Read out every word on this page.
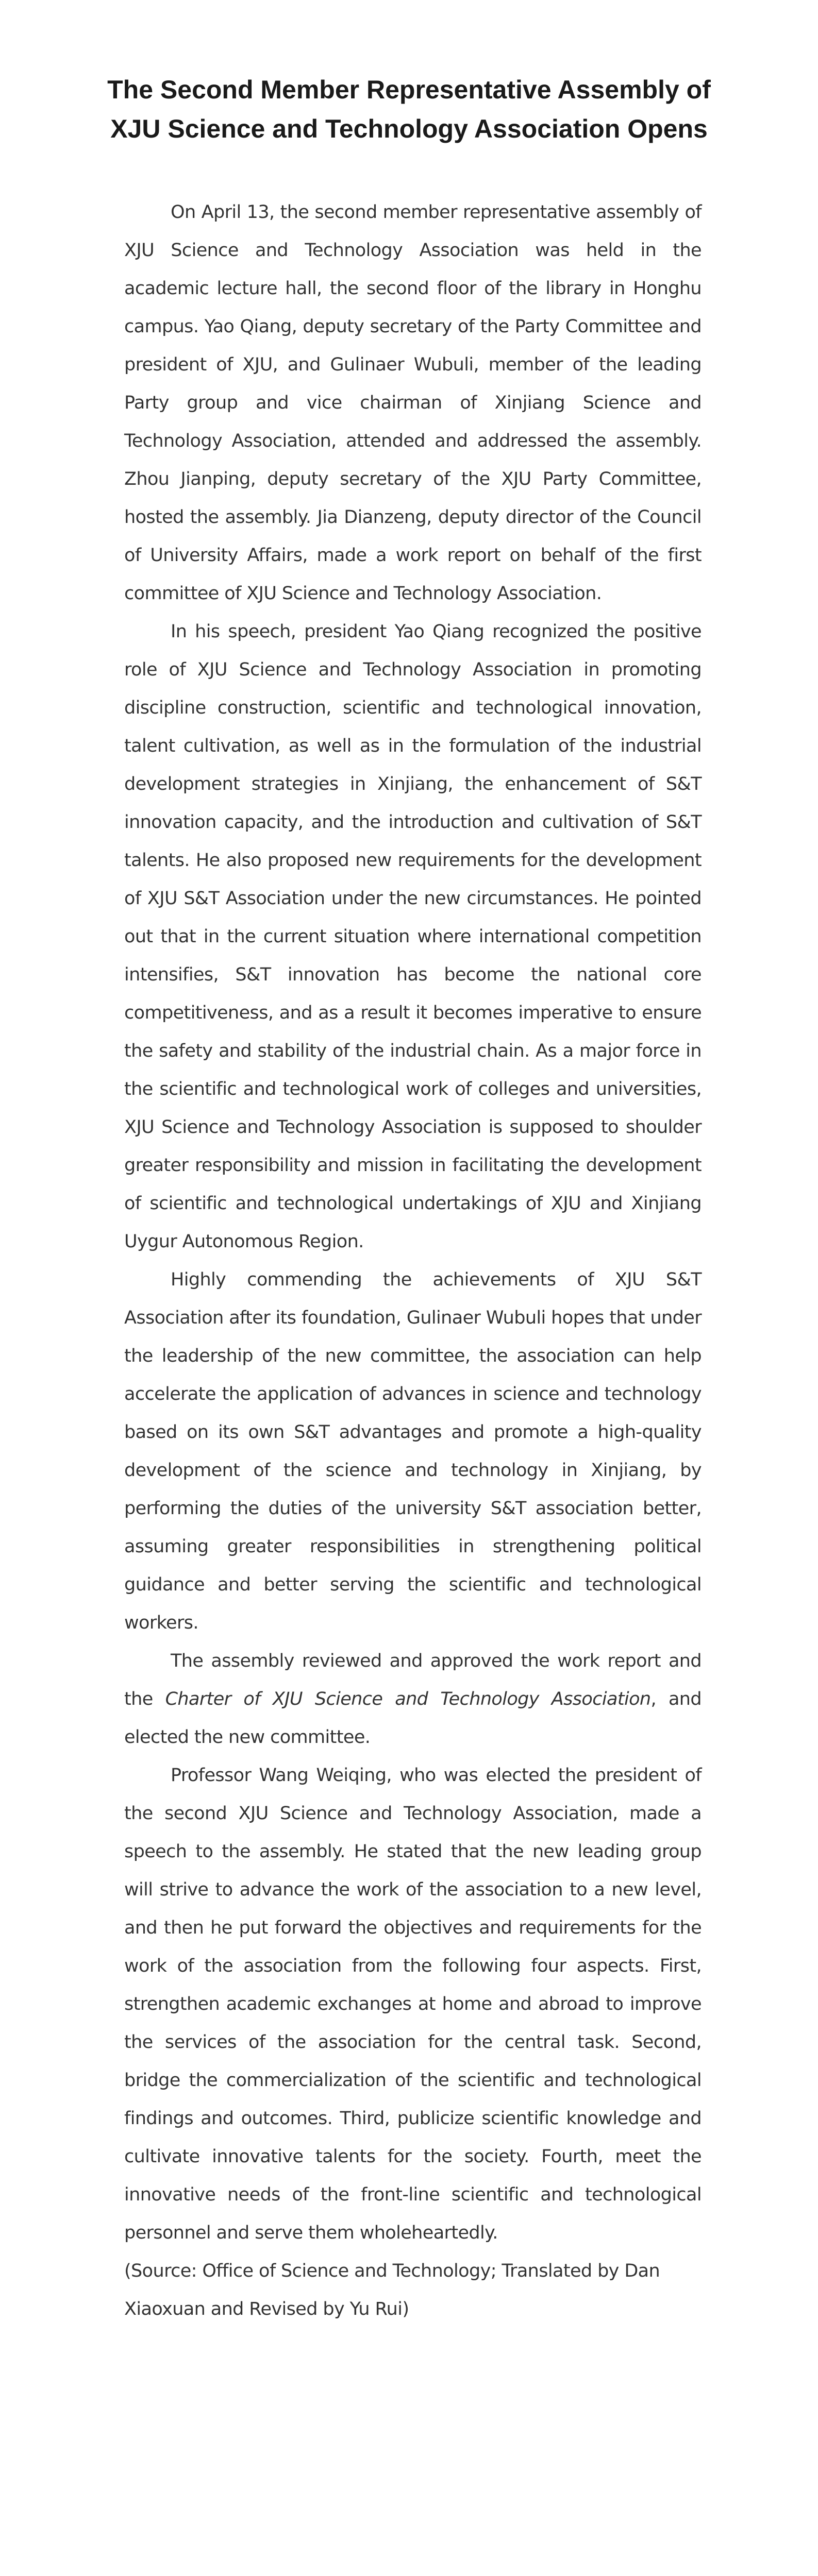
The Second Member Representative Assembly of
XJU Science and Technology Association Opens

On April 13, the second member representative assembly of XJU Science and Technology Association was held in the academic lecture hall, the second floor of the library in Honghu campus. Yao Qiang, deputy secretary of the Party Committee and president of XJU, and Gulinaer Wubuli, member of the leading Party group and vice chairman of Xinjiang Science and Technology Association, attended and addressed the assembly. Zhou Jianping, deputy secretary of the XJU Party Committee, hosted the assembly. Jia Dianzeng, deputy director of the Council of University Affairs, made a work report on behalf of the first committee of XJU Science and Technology Association.

In his speech, president Yao Qiang recognized the positive role of XJU Science and Technology Association in promoting discipline construction, scientific and technological innovation, talent cultivation, as well as in the formulation of the industrial development strategies in Xinjiang, the enhancement of S&T innovation capacity, and the introduction and cultivation of S&T talents. He also proposed new requirements for the development of XJU S&T Association under the new circumstances. He pointed out that in the current situation where international competition intensifies, S&T innovation has become the national core competitiveness, and as a result it becomes imperative to ensure the safety and stability of the industrial chain. As a major force in the scientific and technological work of colleges and universities, XJU Science and Technology Association is supposed to shoulder greater responsibility and mission in facilitating the development of scientific and technological undertakings of XJU and Xinjiang Uygur Autonomous Region.

Highly commending the achievements of XJU S&T Association after its foundation, Gulinaer Wubuli hopes that under the leadership of the new committee, the association can help accelerate the application of advances in science and technology based on its own S&T advantages and promote a high-quality development of the science and technology in Xinjiang, by performing the duties of the university S&T association better, assuming greater responsibilities in strengthening political guidance and better serving the scientific and technological workers.

The assembly reviewed and approved the work report and the Charter of XJU Science and Technology Association, and elected the new committee.

Professor Wang Weiqing, who was elected the president of the second XJU Science and Technology Association, made a speech to the assembly. He stated that the new leading group will strive to advance the work of the association to a new level, and then he put forward the objectives and requirements for the work of the association from the following four aspects. First, strengthen academic exchanges at home and abroad to improve the services of the association for the central task. Second, bridge the commercialization of the scientific and technological findings and outcomes. Third, publicize scientific knowledge and cultivate innovative talents for the society. Fourth, meet the innovative needs of the front-line scientific and technological personnel and serve them wholeheartedly.

(Source: Office of Science and Technology; Translated by Dan Xiaoxuan and Revised by Yu Rui)
